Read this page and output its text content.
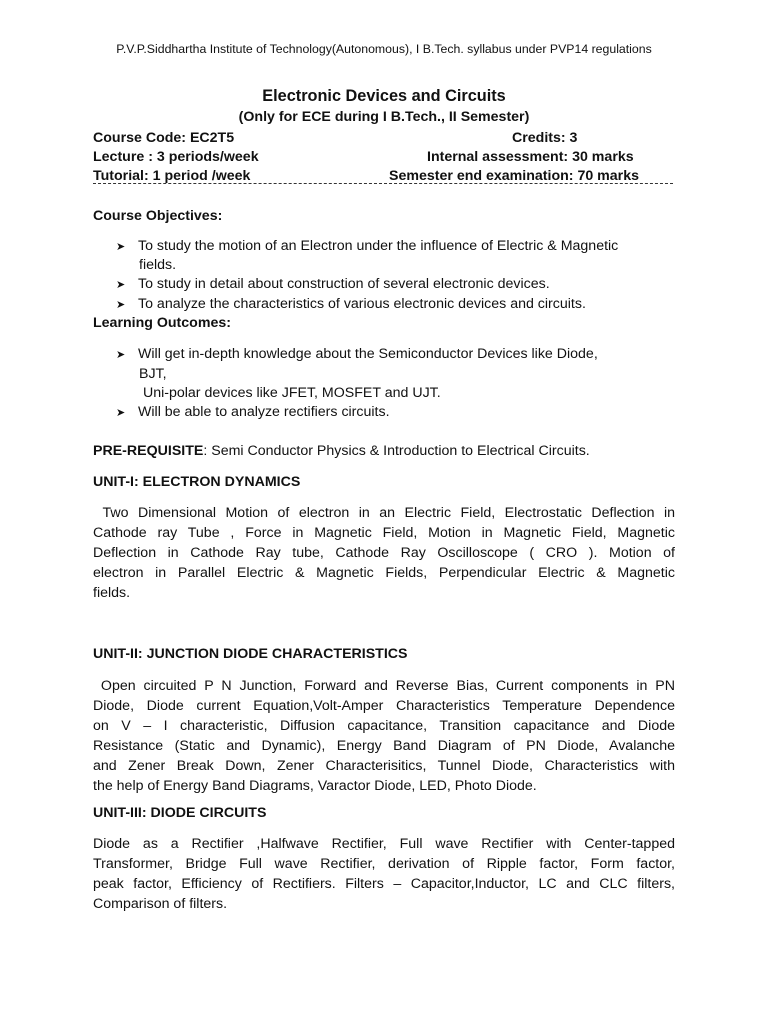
P.V.P.Siddhartha Institute of Technology(Autonomous), I B.Tech. syllabus under PVP14 regulations
Electronic Devices and Circuits
(Only for ECE during I B.Tech., II Semester)
Course Code: EC2T5	Credits: 3
Lecture : 3 periods/week	Internal assessment: 30 marks
Tutorial: 1 period /week	Semester end examination: 70 marks
Course Objectives:
➤ To study the motion of an Electron under the influence of Electric & Magnetic
fields.
➤ To study in detail about construction of several electronic devices.
➤ To analyze the characteristics of various electronic devices and circuits.
Learning Outcomes:
➤ Will get in-depth knowledge about the Semiconductor Devices like Diode,
BJT,
Uni-polar devices like JFET, MOSFET and UJT.
➤ Will be able to analyze rectifiers circuits.
PRE-REQUISITE: Semi Conductor Physics & Introduction to Electrical Circuits.
UNIT-I: ELECTRON DYNAMICS
Two Dimensional Motion of electron in an Electric Field, Electrostatic Deflection in
Cathode ray Tube , Force in Magnetic Field, Motion in Magnetic Field, Magnetic
Deflection in Cathode Ray tube, Cathode Ray Oscilloscope ( CRO ). Motion of
electron in Parallel Electric & Magnetic Fields, Perpendicular Electric & Magnetic
fields.
UNIT-II: JUNCTION DIODE CHARACTERISTICS
Open circuited P N Junction, Forward and Reverse Bias, Current components in PN
Diode, Diode current Equation,Volt-Amper Characteristics Temperature Dependence
on V – I characteristic, Diffusion capacitance, Transition capacitance and Diode
Resistance (Static and Dynamic), Energy Band Diagram of PN Diode, Avalanche
and Zener Break Down, Zener Characterisitics, Tunnel Diode, Characteristics with
the help of Energy Band Diagrams, Varactor Diode, LED, Photo Diode.
UNIT-III: DIODE CIRCUITS
Diode as a Rectifier ,Halfwave Rectifier, Full wave Rectifier with Center-tapped
Transformer, Bridge Full wave Rectifier, derivation of Ripple factor, Form factor,
peak factor, Efficiency of Rectifiers. Filters – Capacitor,Inductor, LC and CLC filters,
Comparison of filters.
